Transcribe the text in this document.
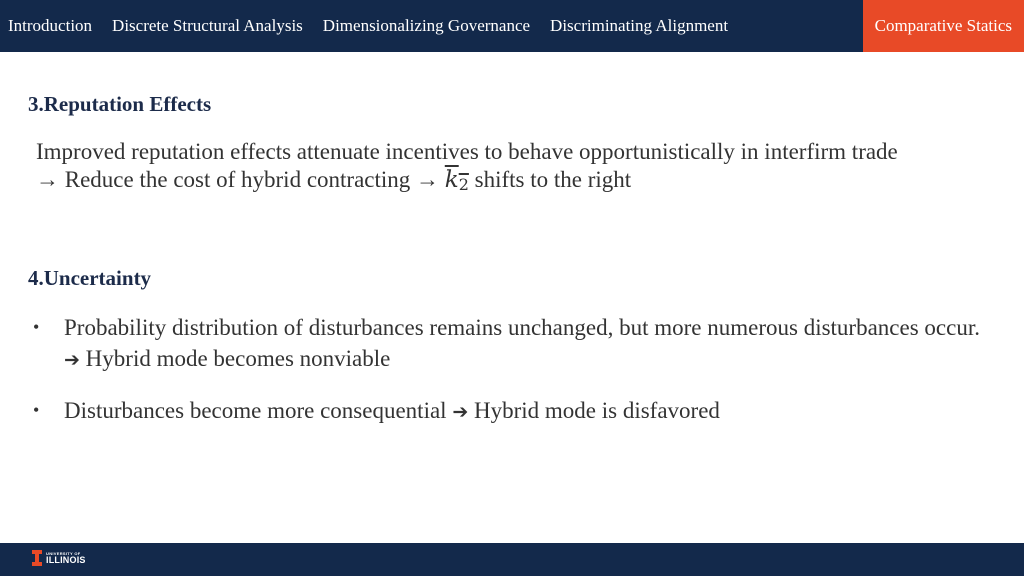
Introduction	Discrete Structural Analysis	Dimensionalizing Governance	Discriminating Alignment	Comparative Statics
3.Reputation Effects
Improved reputation effects attenuate incentives to behave opportunistically in interfirm trade
→ Reduce the cost of hybrid contracting → $k_2$ shifts to the right
4.Uncertainty
• Probability distribution of disturbances remains unchanged, but more numerous disturbances occur. ➔ Hybrid mode becomes nonviable
• Disturbances become more consequential ➔ Hybrid mode is disfavored
UNIVERSITY OF
ILLINOIS
